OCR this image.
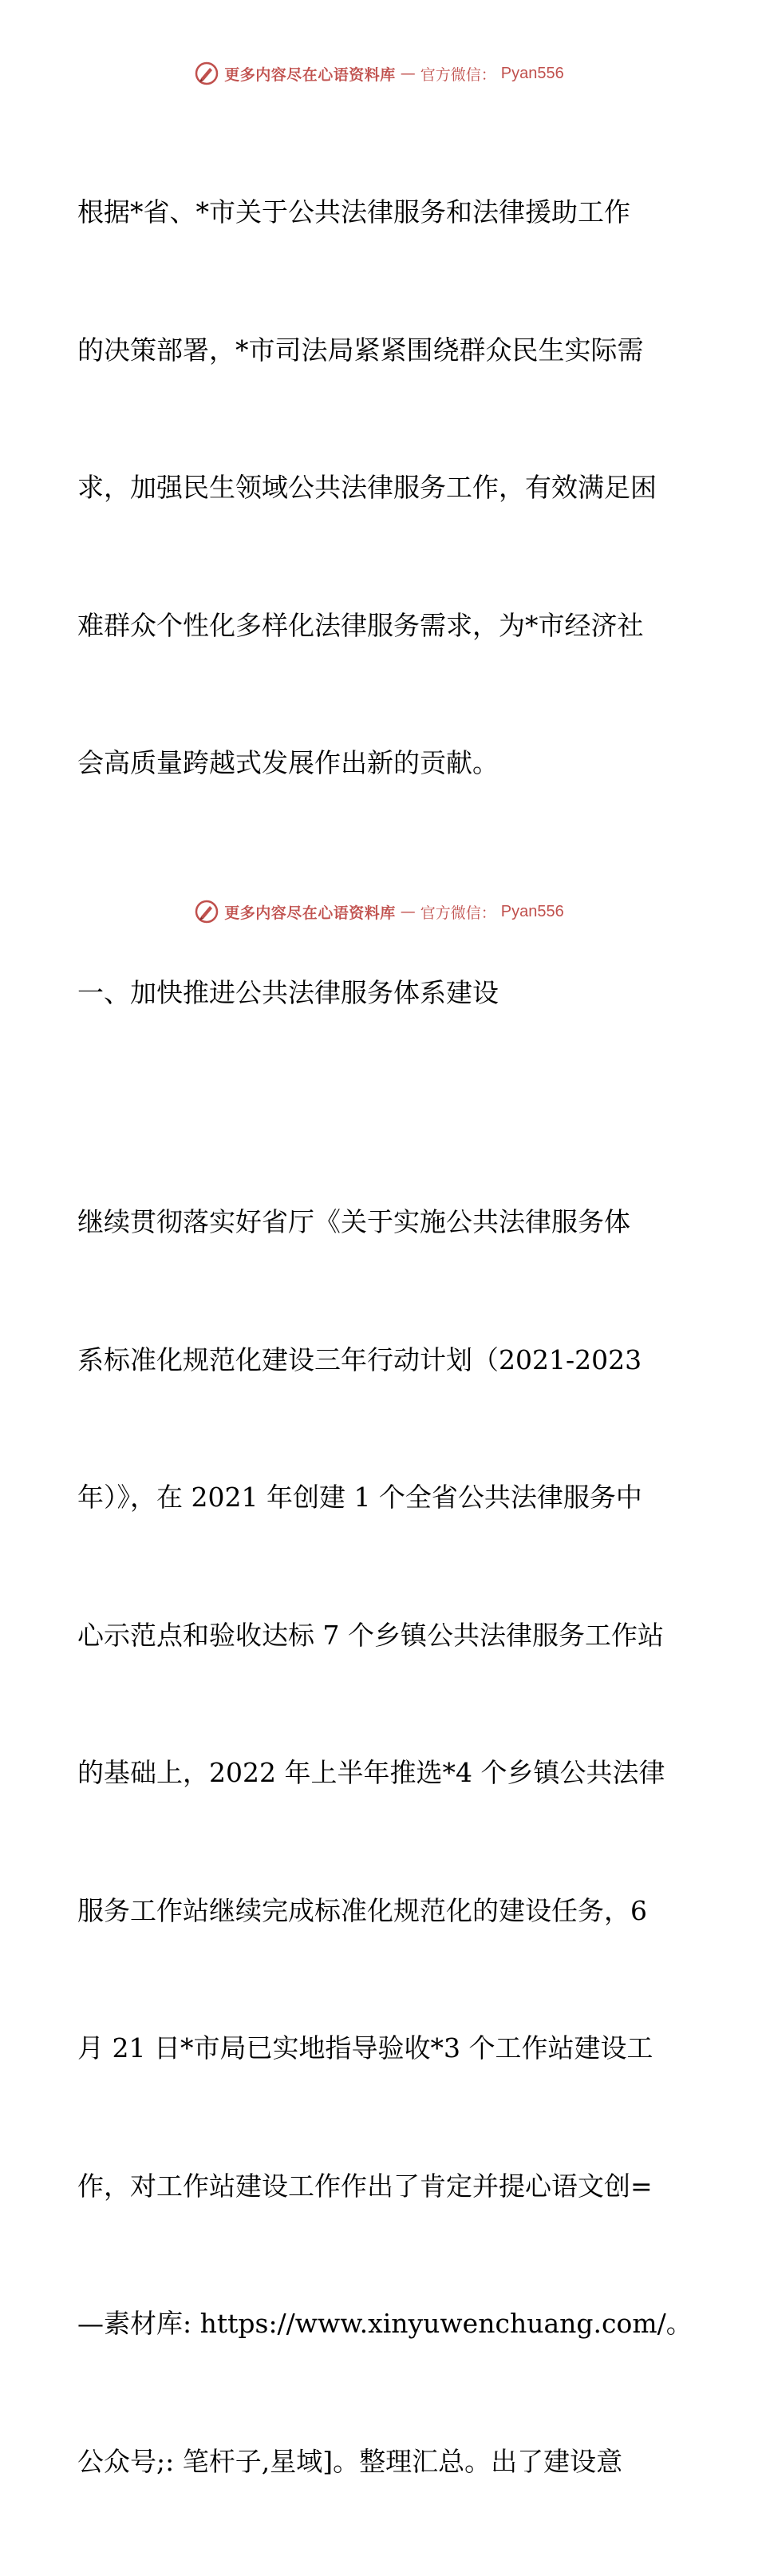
更多内容尽在心语资料库 — 官方微信： Pyan556

根据*省、*市关于公共法律服务和法律援助工作

的决策部署，*市司法局紧紧围绕群众民生实际需

求，加强民生领域公共法律服务工作，有效满足困

难群众个性化多样化法律服务需求，为*市经济社

会高质量跨越式发展作出新的贡献。

一、加快推进公共法律服务体系建设

继续贯彻落实好省厅《关于实施公共法律服务体

系标准化规范化建设三年行动计划（2021-2023

年）》，在 2021 年创建 1 个全省公共法律服务中

心示范点和验收达标 7 个乡镇公共法律服务工作站

的基础上，2022 年上半年推选*4 个乡镇公共法律

服务工作站继续完成标准化规范化的建设任务，6

月 21 日*市局已实地指导验收*3 个工作站建设工

作，对工作站建设工作作出了肯定并提心语文创=

—素材库: https://www.xinyuwenchuang.com/。

公众号;: 笔杆子,星域]。整理汇总。出了建设意

更多内容尽在心语资料库 — 官方微信： Pyan556
